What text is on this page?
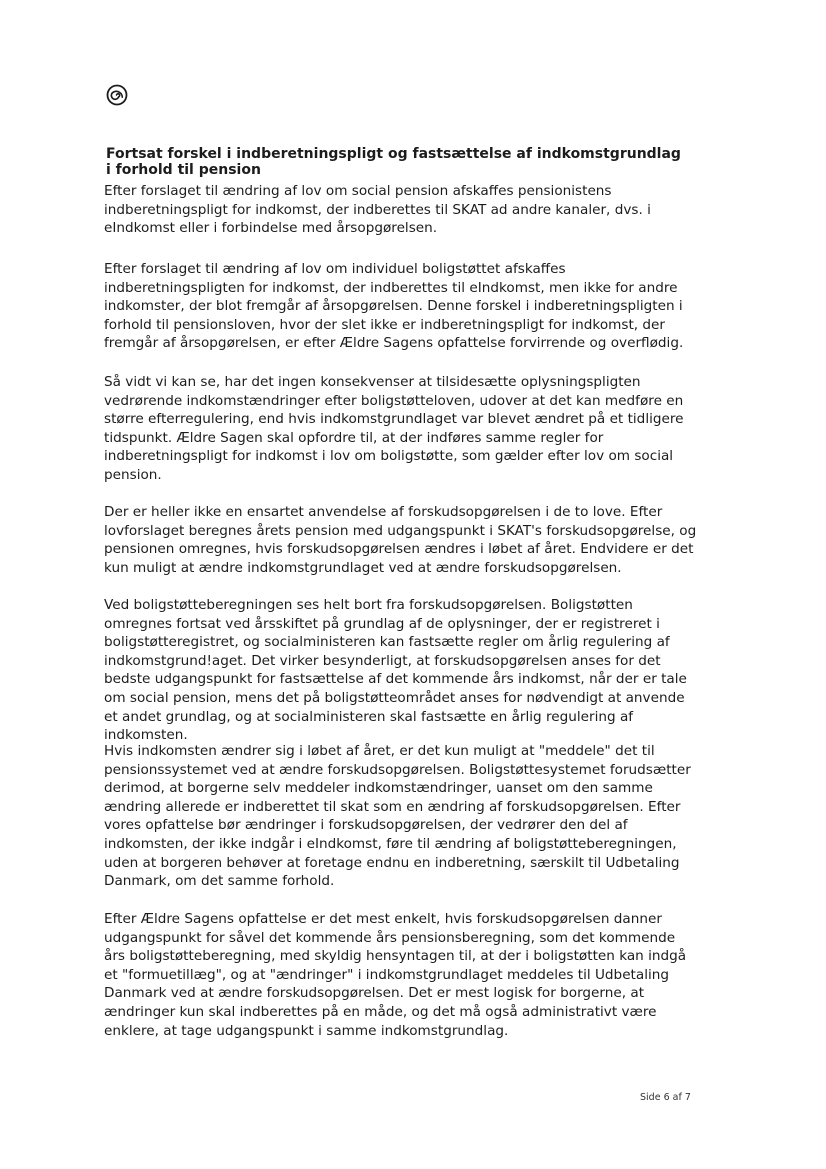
Fortsat forskel i indberetningspligt og fastsættelse af indkomstgrundlag i forhold til pension

Efter forslaget til ændring af lov om social pension afskaffes pensionistens indberetningspligt for indkomst, der indberettes til SKAT ad andre kanaler, dvs. i eIndkomst eller i forbindelse med årsopgørelsen.

Efter forslaget til ændring af lov om individuel boligstøttet afskaffes indberetningspligten for indkomst, der indberettes til eIndkomst, men ikke for andre indkomster, der blot fremgår af årsopgørelsen. Denne forskel i indberetningspligten i forhold til pensionsloven, hvor der slet ikke er indberetningspligt for indkomst, der fremgår af årsopgørelsen, er efter Ældre Sagens opfattelse forvirrende og overflødig.

Så vidt vi kan se, har det ingen konsekvenser at tilsidesætte oplysningspligten vedrørende indkomstændringer efter boligstøtteloven, udover at det kan medføre en større efterregulering, end hvis indkomstgrundlaget var blevet ændret på et tidligere tidspunkt. Ældre Sagen skal opfordre til, at der indføres samme regler for indberetningspligt for indkomst i lov om boligstøtte, som gælder efter lov om social pension.

Der er heller ikke en ensartet anvendelse af forskudsopgørelsen i de to love. Efter lovforslaget beregnes årets pension med udgangspunkt i SKAT's forskudsopgørelse, og pensionen omregnes, hvis forskudsopgørelsen ændres i løbet af året. Endvidere er det kun muligt at ændre indkomstgrundlaget ved at ændre forskudsopgørelsen.

Ved boligstøtteberegningen ses helt bort fra forskudsopgørelsen. Boligstøtten omregnes fortsat ved årsskiftet på grundlag af de oplysninger, der er registreret i boligstøtteregistret, og socialministeren kan fastsætte regler om årlig regulering af indkomstgrund!aget. Det virker besynderligt, at forskudsopgørelsen anses for det bedste udgangspunkt for fastsættelse af det kommende års indkomst, når der er tale om social pension, mens det på boligstøtteområdet anses for nødvendigt at anvende et andet grundlag, og at socialministeren skal fastsætte en årlig regulering af indkomsten.

Hvis indkomsten ændrer sig i løbet af året, er det kun muligt at "meddele" det til pensionssystemet ved at ændre forskudsopgørelsen. Boligstøttesystemet forudsætter derimod, at borgerne selv meddeler indkomstændringer, uanset om den samme ændring allerede er indberettet til skat som en ændring af forskudsopgørelsen. Efter vores opfattelse bør ændringer i forskudsopgørelsen, der vedrører den del af indkomsten, der ikke indgår i eIndkomst, føre til ændring af boligstøtteberegningen, uden at borgeren behøver at foretage endnu en indberetning, særskilt til Udbetaling Danmark, om det samme forhold.

Efter Ældre Sagens opfattelse er det mest enkelt, hvis forskudsopgørelsen danner udgangspunkt for såvel det kommende års pensionsberegning, som det kommende års boligstøtteberegning, med skyldig hensyntagen til, at der i boligstøtten kan indgå et "formuetillæg", og at "ændringer" i indkomstgrundlaget meddeles til Udbetaling Danmark ved at ændre forskudsopgørelsen. Det er mest logisk for borgerne, at ændringer kun skal indberettes på en måde, og det må også administrativt være enklere, at tage udgangspunkt i samme indkomstgrundlag.

Side 6 af 7
